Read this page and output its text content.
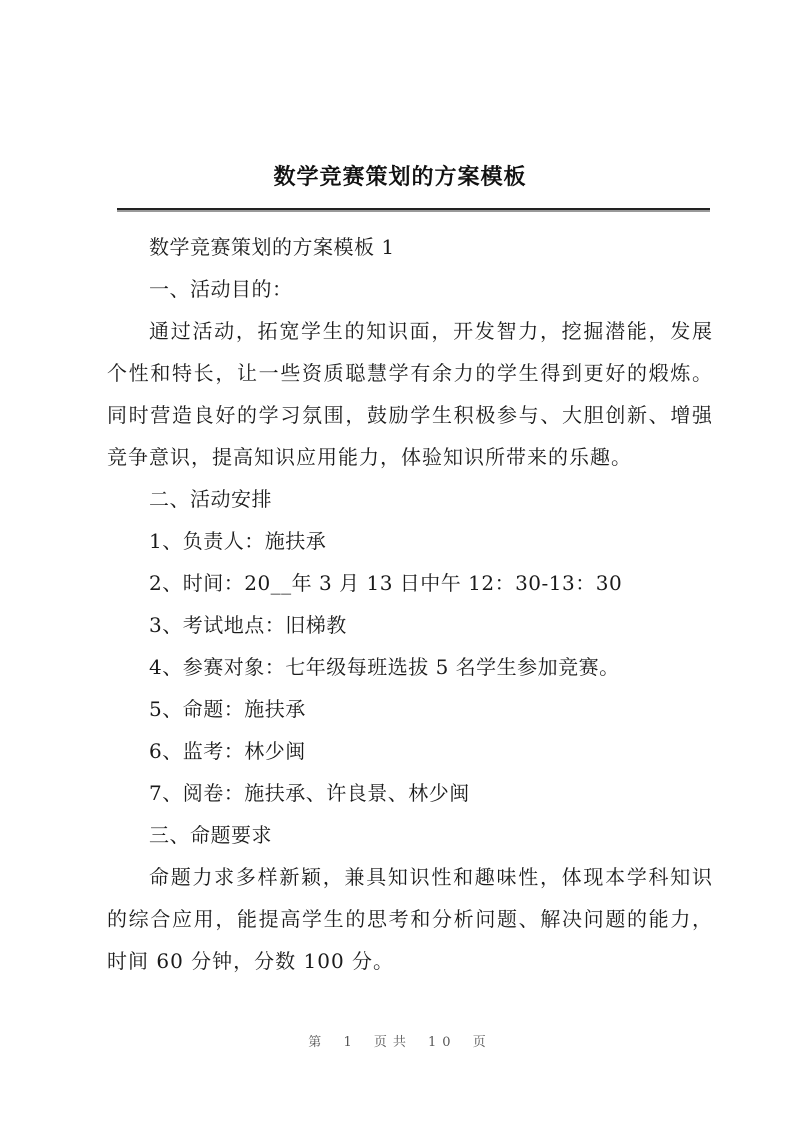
数学竞赛策划的方案模板
数学竞赛策划的方案模板 1
一、活动目的：
通过活动，拓宽学生的知识面，开发智力，挖掘潜能，发展个性和特长，让一些资质聪慧学有余力的学生得到更好的煅炼。同时营造良好的学习氛围，鼓励学生积极参与、大胆创新、增强竞争意识，提高知识应用能力，体验知识所带来的乐趣。
二、活动安排
1、负责人：施扶承
2、时间：20__年 3 月 13 日中午 12：30-13：30
3、考试地点：旧梯教
4、参赛对象：七年级每班选拔 5 名学生参加竞赛。
5、命题：施扶承
6、监考：林少闽
7、阅卷：施扶承、许良景、林少闽
三、命题要求
命题力求多样新颖，兼具知识性和趣味性，体现本学科知识的综合应用，能提高学生的思考和分析问题、解决问题的能力，时间 60 分钟，分数 100 分。
第 1 页共 10 页
